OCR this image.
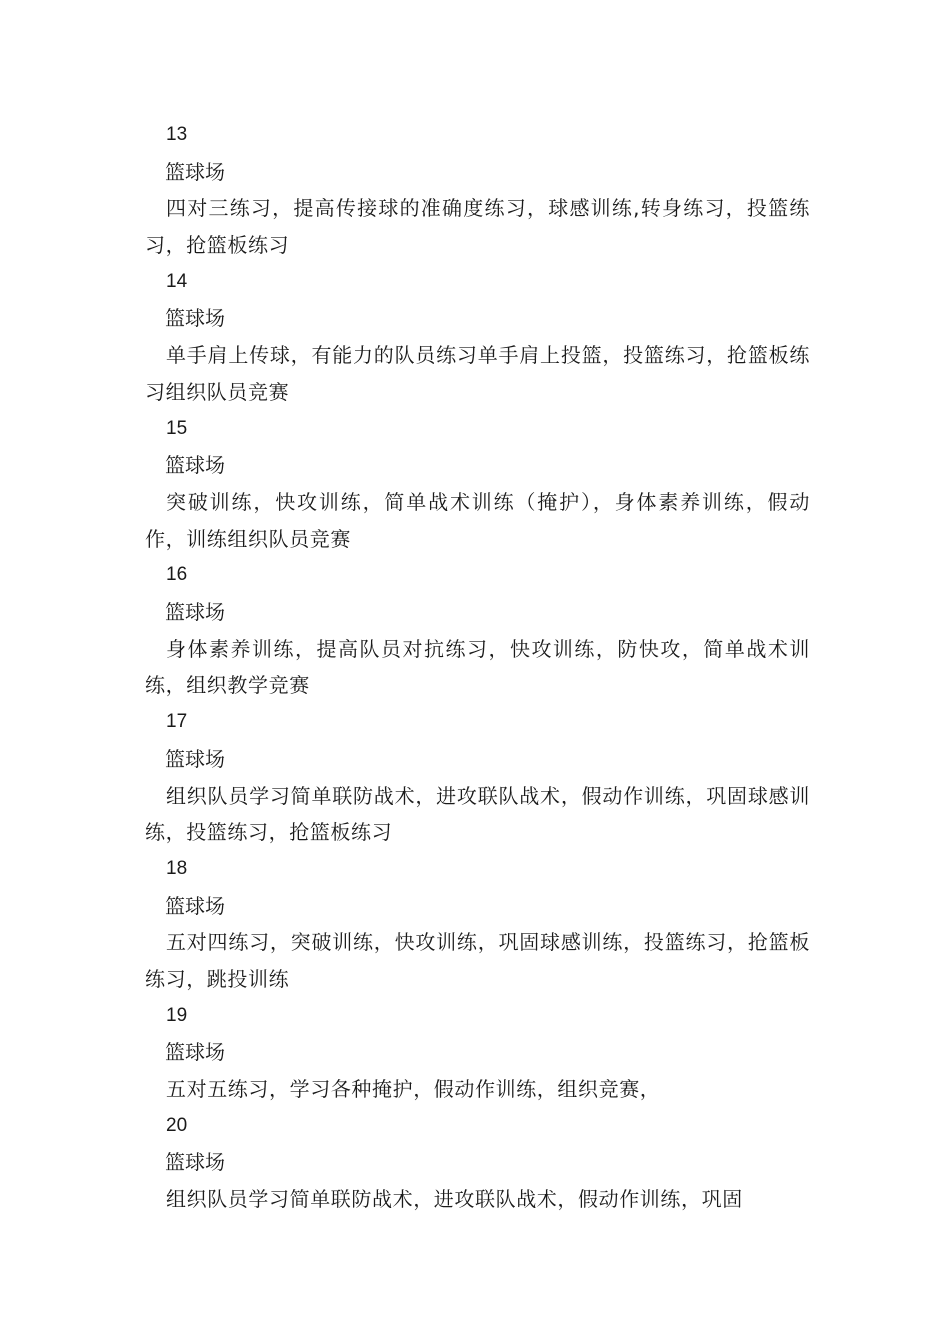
13
篮球场
四对三练习，提高传接球的准确度练习，球感训练,转身练习，投篮练习，抢篮板练习
14
篮球场
单手肩上传球，有能力的队员练习单手肩上投篮，投篮练习，抢篮板练习组织队员竞赛
15
篮球场
突破训练，快攻训练，简单战术训练（掩护），身体素养训练，假动作，训练组织队员竞赛
16
篮球场
身体素养训练，提高队员对抗练习，快攻训练，防快攻，简单战术训练，组织教学竞赛
17
篮球场
组织队员学习简单联防战术，进攻联队战术，假动作训练，巩固球感训练，投篮练习，抢篮板练习
18
篮球场
五对四练习，突破训练，快攻训练，巩固球感训练，投篮练习，抢篮板练习，跳投训练
19
篮球场
五对五练习，学习各种掩护，假动作训练，组织竞赛，
20
篮球场
组织队员学习简单联防战术，进攻联队战术，假动作训练，巩固
